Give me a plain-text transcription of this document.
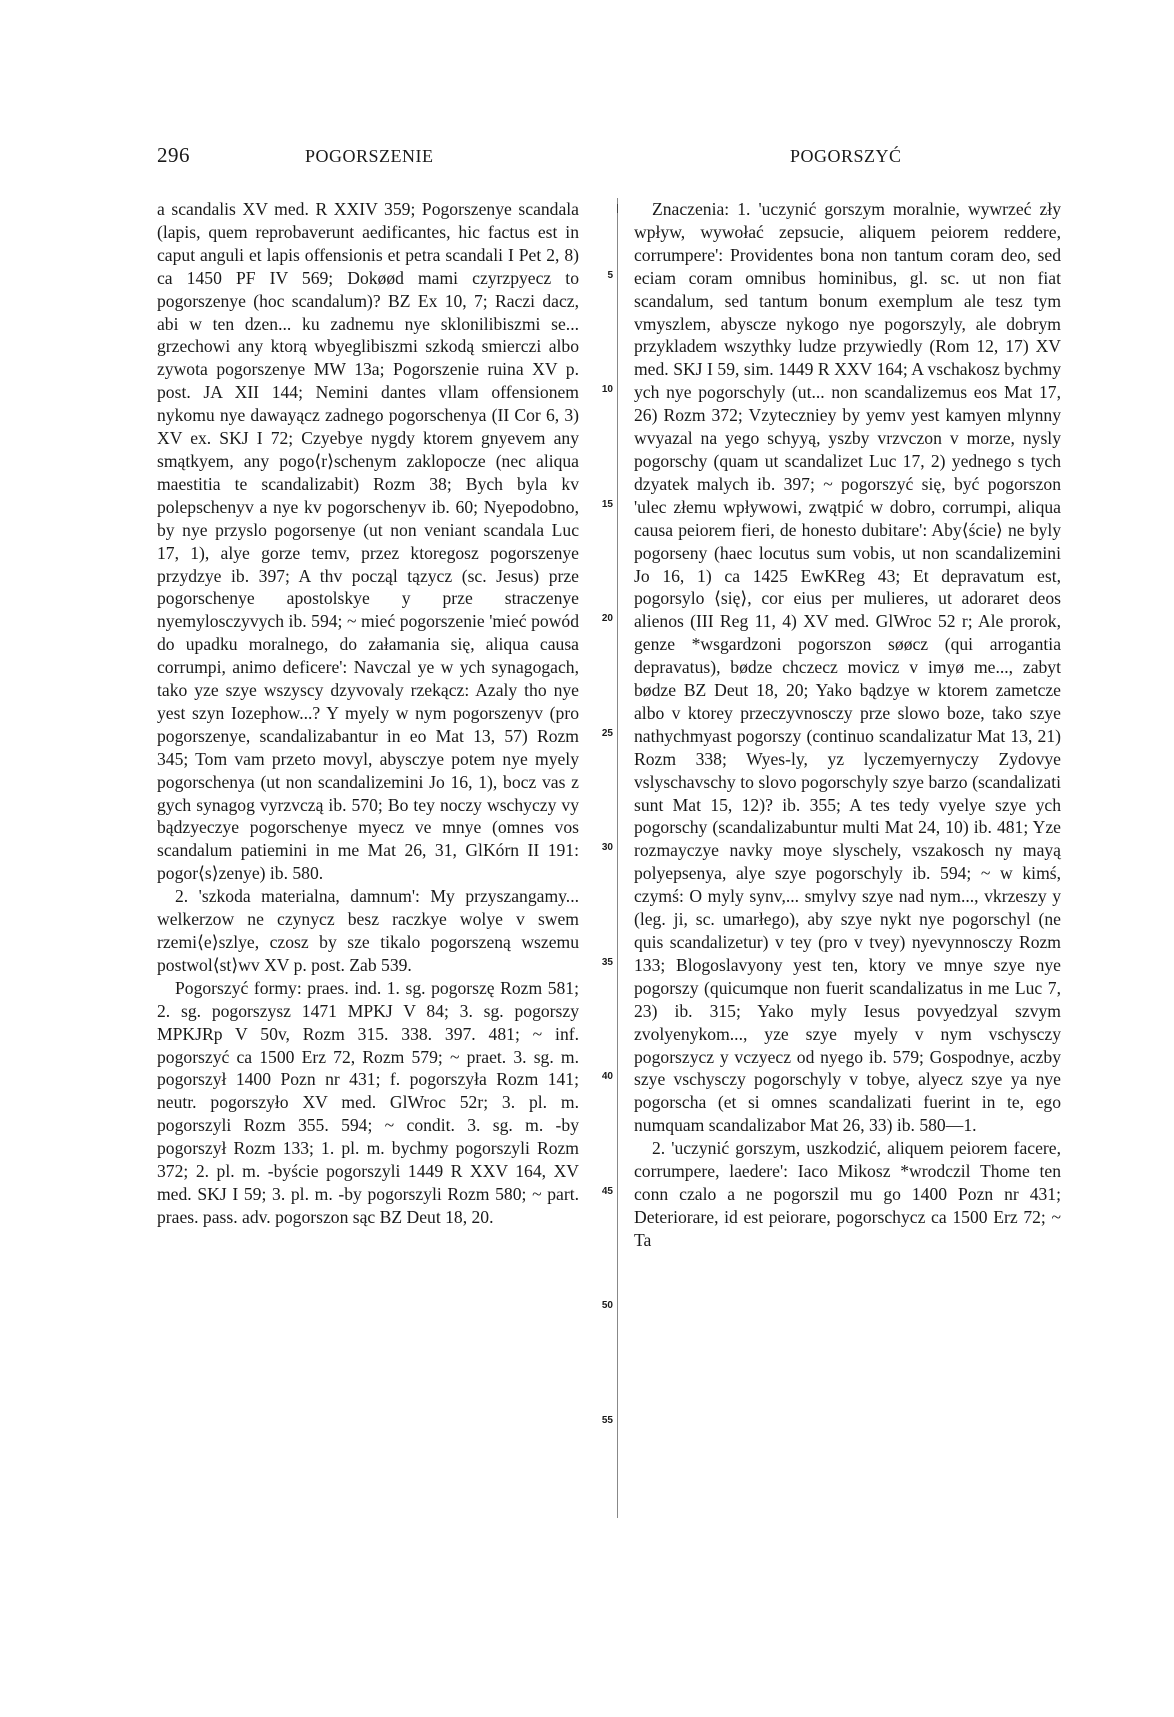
296	POGORSZENIE	POGORSZYĆ

a scandalis XV med. R XXIV 359; Pogorszenye scandala (lapis, quem reprobaverunt aedificantes, hic factus est in caput anguli et lapis offensionis et petra scandali I Pet 2, 8) ca 1450 PF IV 569; Dokøød mami czyrzpyecz to pogorszenye (hoc scandalum)? BZ Ex 10, 7; Raczi dacz, abi w ten dzen... ku zadnemu nye sklonilibiszmi se... grzechowi any ktorą wbyeglibiszmi szkodą smierczi albo zywota pogorszenye MW 13a; Pogorszenie ruina XV p. post. JA XII 144; Nemini dantes vllam offensionem nykomu nye dawayącz zadnego pogorschenya (II Cor 6, 3) XV ex. SKJ I 72; Czyebye nygdy ktorem gnyevem any smątkyem, any pogo⟨r⟩schenym zaklopocze (nec aliqua maestitia te scandalizabit) Rozm 38; Bych byla kv polepschenyv a nye kv pogorschenyv ib. 60; Nyepodobno, by nye przyslo pogorsenye (ut non veniant scandala Luc 17, 1), alye gorze temv, przez ktoregosz pogorszenye przydzye ib. 397; A thv począl tązycz (sc. Jesus) prze pogorschenye apostolskye y prze straczenye nyemylosczyvych ib. 594; ~ mieć pogorszenie 'mieć powód do upadku moralnego, do załamania się, aliqua causa corrumpi, animo deficere': Navczal ye w ych synagogach, tako yze szye wszyscy dzyvovaly rzekącz: Azaly tho nye yest szyn Iozephow...? Y myely w nym pogorszenyv (pro pogorszenye, scandalizabantur in eo Mat 13, 57) Rozm 345; Tom vam przeto movyl, abysczye potem nye myely pogorschenya (ut non scandalizemini Jo 16, 1), bocz vas z gych synagog vyrzvczą ib. 570; Bo tey noczy wschyczy vy bądzyeczye pogorschenye myecz ve mnye (omnes vos scandalum patiemini in me Mat 26, 31, GlKórn II 191: pogor⟨s⟩zenye) ib. 580.

2. 'szkoda materialna, damnum': My przyszangamy... welkerzow ne czynycz besz raczkye wolye v swem rzemi⟨e⟩szlye, czosz by sze tikalo pogorszeną wszemu postwol⟨st⟩wv XV p. post. Zab 539.

Pogorszyć formy: praes. ind. 1. sg. pogorszę Rozm 581; 2. sg. pogorszysz 1471 MPKJ V 84; 3. sg. pogorszy MPKJRp V 50v, Rozm 315. 338. 397. 481; ~ inf. pogorszyć ca 1500 Erz 72, Rozm 579; ~ praet. 3. sg. m. pogorszył 1400 Pozn nr 431; f. pogorszyła Rozm 141; neutr. pogorszyło XV med. GlWroc 52r; 3. pl. m. pogorszyli Rozm 355. 594; ~ condit. 3. sg. m. -by pogorszył Rozm 133; 1. pl. m. bychmy pogorszyli Rozm 372; 2. pl. m. -byście pogorszyli 1449 R XXV 164, XV med. SKJ I 59; 3. pl. m. -by pogorszyli Rozm 580; ~ part. praes. pass. adv. pogorszon sąc BZ Deut 18, 20.

5
10
15
20
25
30
35
40
45
50
55

Znaczenia: 1. 'uczynić gorszym moralnie, wywrzeć zły wpływ, wywołać zepsucie, aliquem peiorem reddere, corrumpere': Providentes bona non tantum coram deo, sed eciam coram omnibus hominibus, gl. sc. ut non fiat scandalum, sed tantum bonum exemplum ale tesz tym vmyszlem, abysczе nykogo nye pogorszyly, ale dobrym przykladem wszythky ludze przywiedly (Rom 12, 17) XV med. SKJ I 59, sim. 1449 R XXV 164; A vschakosz bychmy ych nye pogorschyly (ut... non scandalizemus eos Mat 17, 26) Rozm 372; Vzyteczniey by yemv yest kamyen mlynny wvyazal na yego schyyą, yszby vrzvczon v morze, nysly pogorschy (quam ut scandalizet Luc 17, 2) yednego s tych dzyatek malych ib. 397; ~ pogorszyć się, być pogorszon 'ulec złemu wpływowi, zwątpić w dobro, corrumpi, aliqua causa peiorem fieri, de honesto dubitare': Aby⟨ście⟩ ne byly pogorseny (haec locutus sum vobis, ut non scandalizemini Jo 16, 1) ca 1425 EwKReg 43; Et depravatum est, pogorsylo ⟨się⟩, cor eius per mulieres, ut adoraret deos alienos (III Reg 11, 4) XV med. GlWroc 52 r; Ale prorok, genze *wsgardzoni pogorszon søøcz (qui arrogantia depravatus), bødze chczecz movicz v imyø me..., zabyt bødze BZ Deut 18, 20; Yako bądzye w ktorem zametcze albo v ktorey przeczyvnosczy prze slowo boze, tako szye nathychmyast pogorszy (continuo scandalizatur Mat 13, 21) Rozm 338; Wyes-ly, yz lyczemyernyczy Zydovye vslyschavschy to slovo pogorschyly szye barzo (scandalizati sunt Mat 15, 12)? ib. 355; A tes tedy vyelye szye ych pogorschy (scandalizabuntur multi Mat 24, 10) ib. 481; Yze rozmayczye navky moye slyschely, vszakosch ny mayą polyepsenya, alye szye pogorschyly ib. 594; ~ w kimś, czymś: O myly synv,... smylvy szye nad nym..., vkrzeszy y (leg. ji, sc. umarłego), aby szye nykt nye pogorschyl (ne quis scandalizetur) v tey (pro v tvey) nyevynnosczy Rozm 133; Blogoslavyony yest ten, ktory ve mnye szye nye pogorszy (quicumque non fuerit scandalizatus in me Luc 7, 23) ib. 315; Yako myly Iesus povyedzyal szvym zvolyenykom..., yze szye myely v nym vschysczy pogorszycz y vczyecz od nyego ib. 579; Gospodnye, aczby szye vschysczy pogorschyly v tobye, alyecz szye ya nye pogorscha (et si omnes scandalizati fuerint in te, ego numquam scandalizabor Mat 26, 33) ib. 580—1.

2. 'uczynić gorszym, uszkodzić, aliquem peiorem facere, corrumpere, laedere': Iaco Mikosz *wrodczil Thome ten conn czalo a ne pogorszil mu go 1400 Pozn nr 431; Deteriorare, id est peiorare, pogorschycz ca 1500 Erz 72; ~ Ta
